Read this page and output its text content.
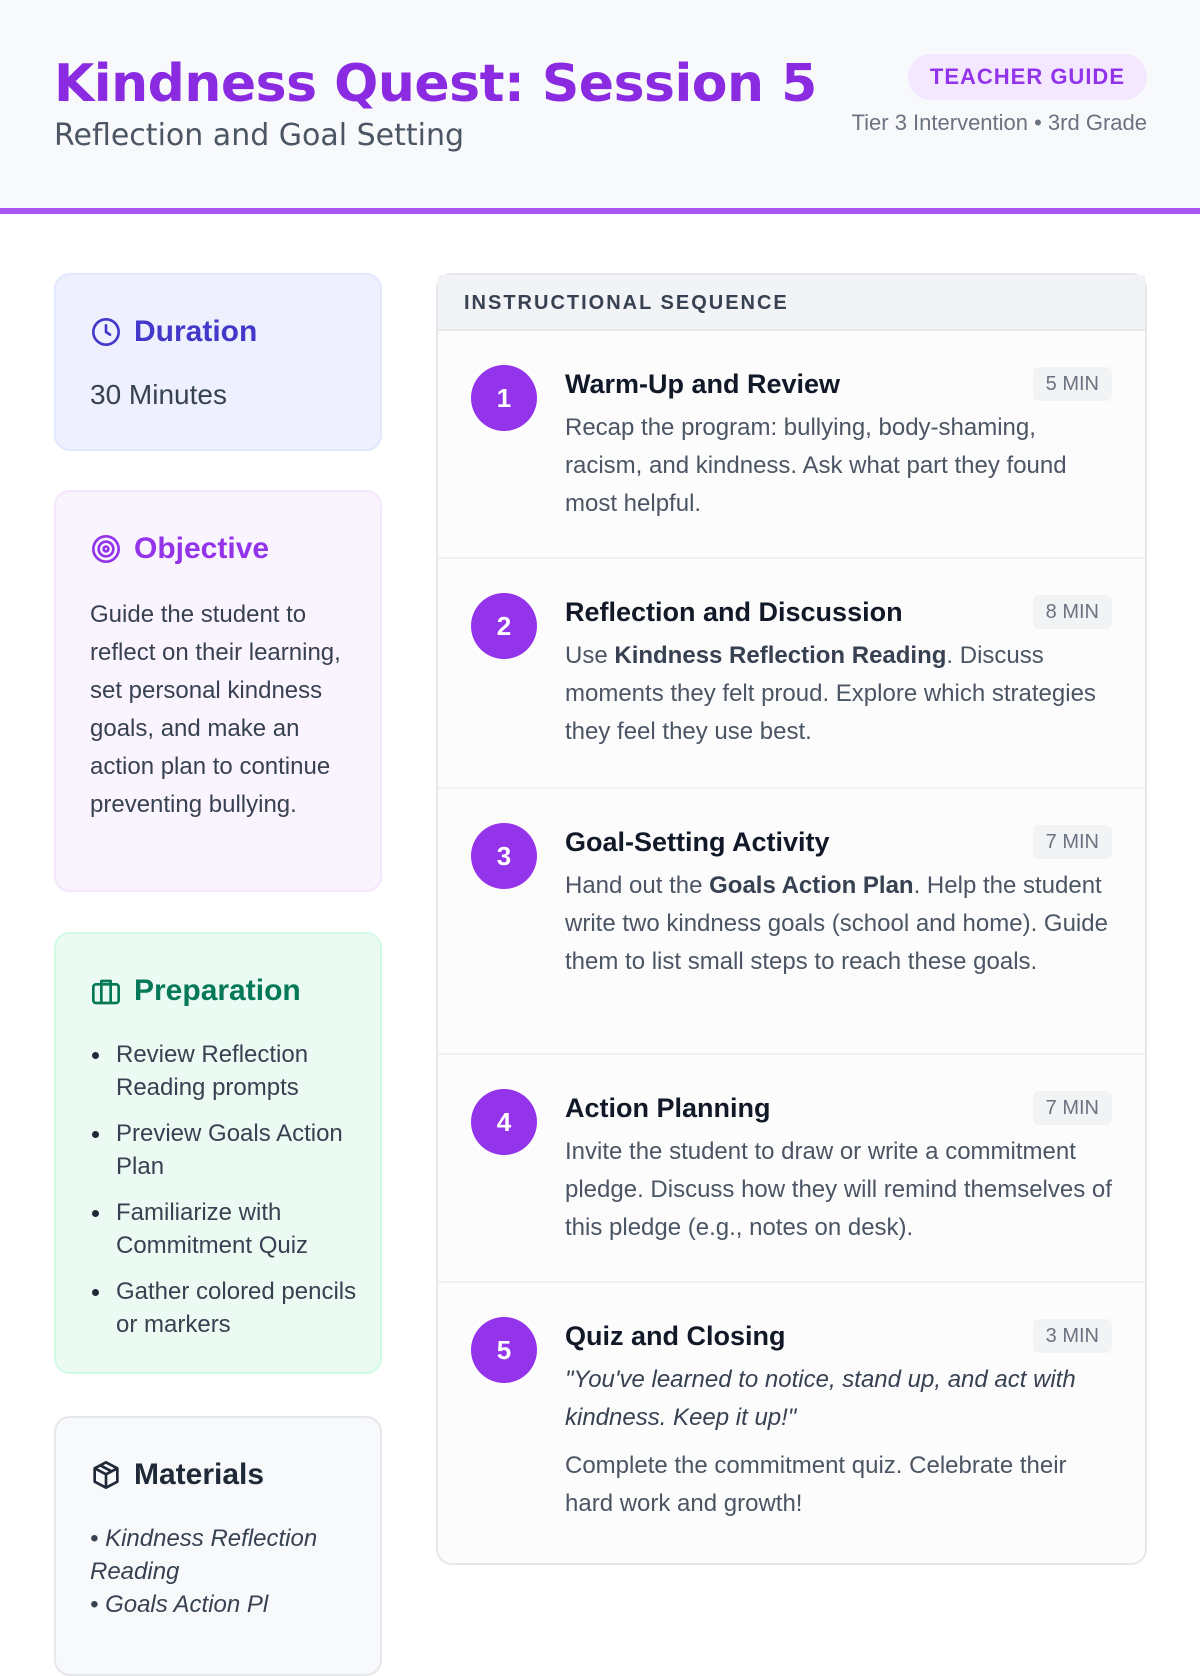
Kindness Quest: Session 5
Reflection and Goal Setting
TEACHER GUIDE
Tier 3 Intervention • 3rd Grade
Duration
30 Minutes
Objective
Guide the student to reflect on their learning, set personal kindness goals, and make an action plan to continue preventing bullying.
Preparation
Review Reflection Reading prompts
Preview Goals Action Plan
Familiarize with Commitment Quiz
Gather colored pencils or markers
Materials
• Kindness Reflection Reading
• Goals Action Pl
INSTRUCTIONAL SEQUENCE
1	Warm-Up and Review	5 MIN
Recap the program: bullying, body-shaming, racism, and kindness. Ask what part they found most helpful.
2	Reflection and Discussion	8 MIN
Use Kindness Reflection Reading. Discuss moments they felt proud. Explore which strategies they feel they use best.
3	Goal-Setting Activity	7 MIN
Hand out the Goals Action Plan. Help the student write two kindness goals (school and home). Guide them to list small steps to reach these goals.
4	Action Planning	7 MIN
Invite the student to draw or write a commitment pledge. Discuss how they will remind themselves of this pledge (e.g., notes on desk).
5	Quiz and Closing	3 MIN
"You've learned to notice, stand up, and act with kindness. Keep it up!"
Complete the commitment quiz. Celebrate their hard work and growth!
